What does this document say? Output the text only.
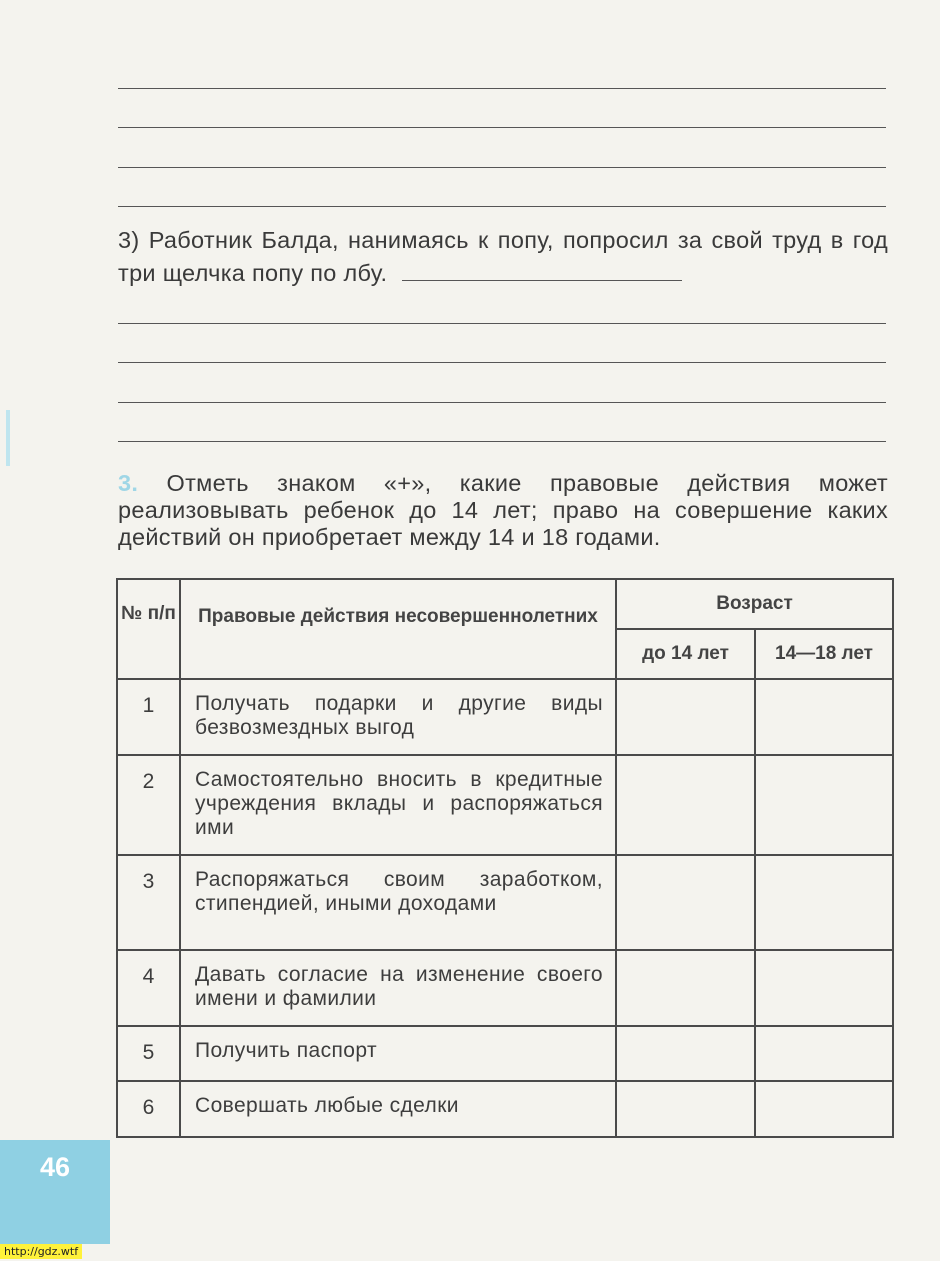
3) Работник Балда, нанимаясь к попу, попросил за свой труд в год три щелчка попу по лбу.
3. Отметь знаком «+», какие правовые действия может реализовывать ребенок до 14 лет; право на совершение каких действий он приобретает между 14 и 18 годами.
№ п/п	Правовые действия несовершеннолетних	Возраст	
		до 14 лет	14—18 лет
1	Получать подарки и другие виды безвозмездных выгод		
2	Самостоятельно вносить в кредитные учреждения вклады и распоряжаться ими		
3	Распоряжаться своим заработком, стипендией, иными доходами		
4	Давать согласие на изменение своего имени и фамилии		
5	Получить паспорт		
6	Совершать любые сделки		
46
http://gdz.wtf
